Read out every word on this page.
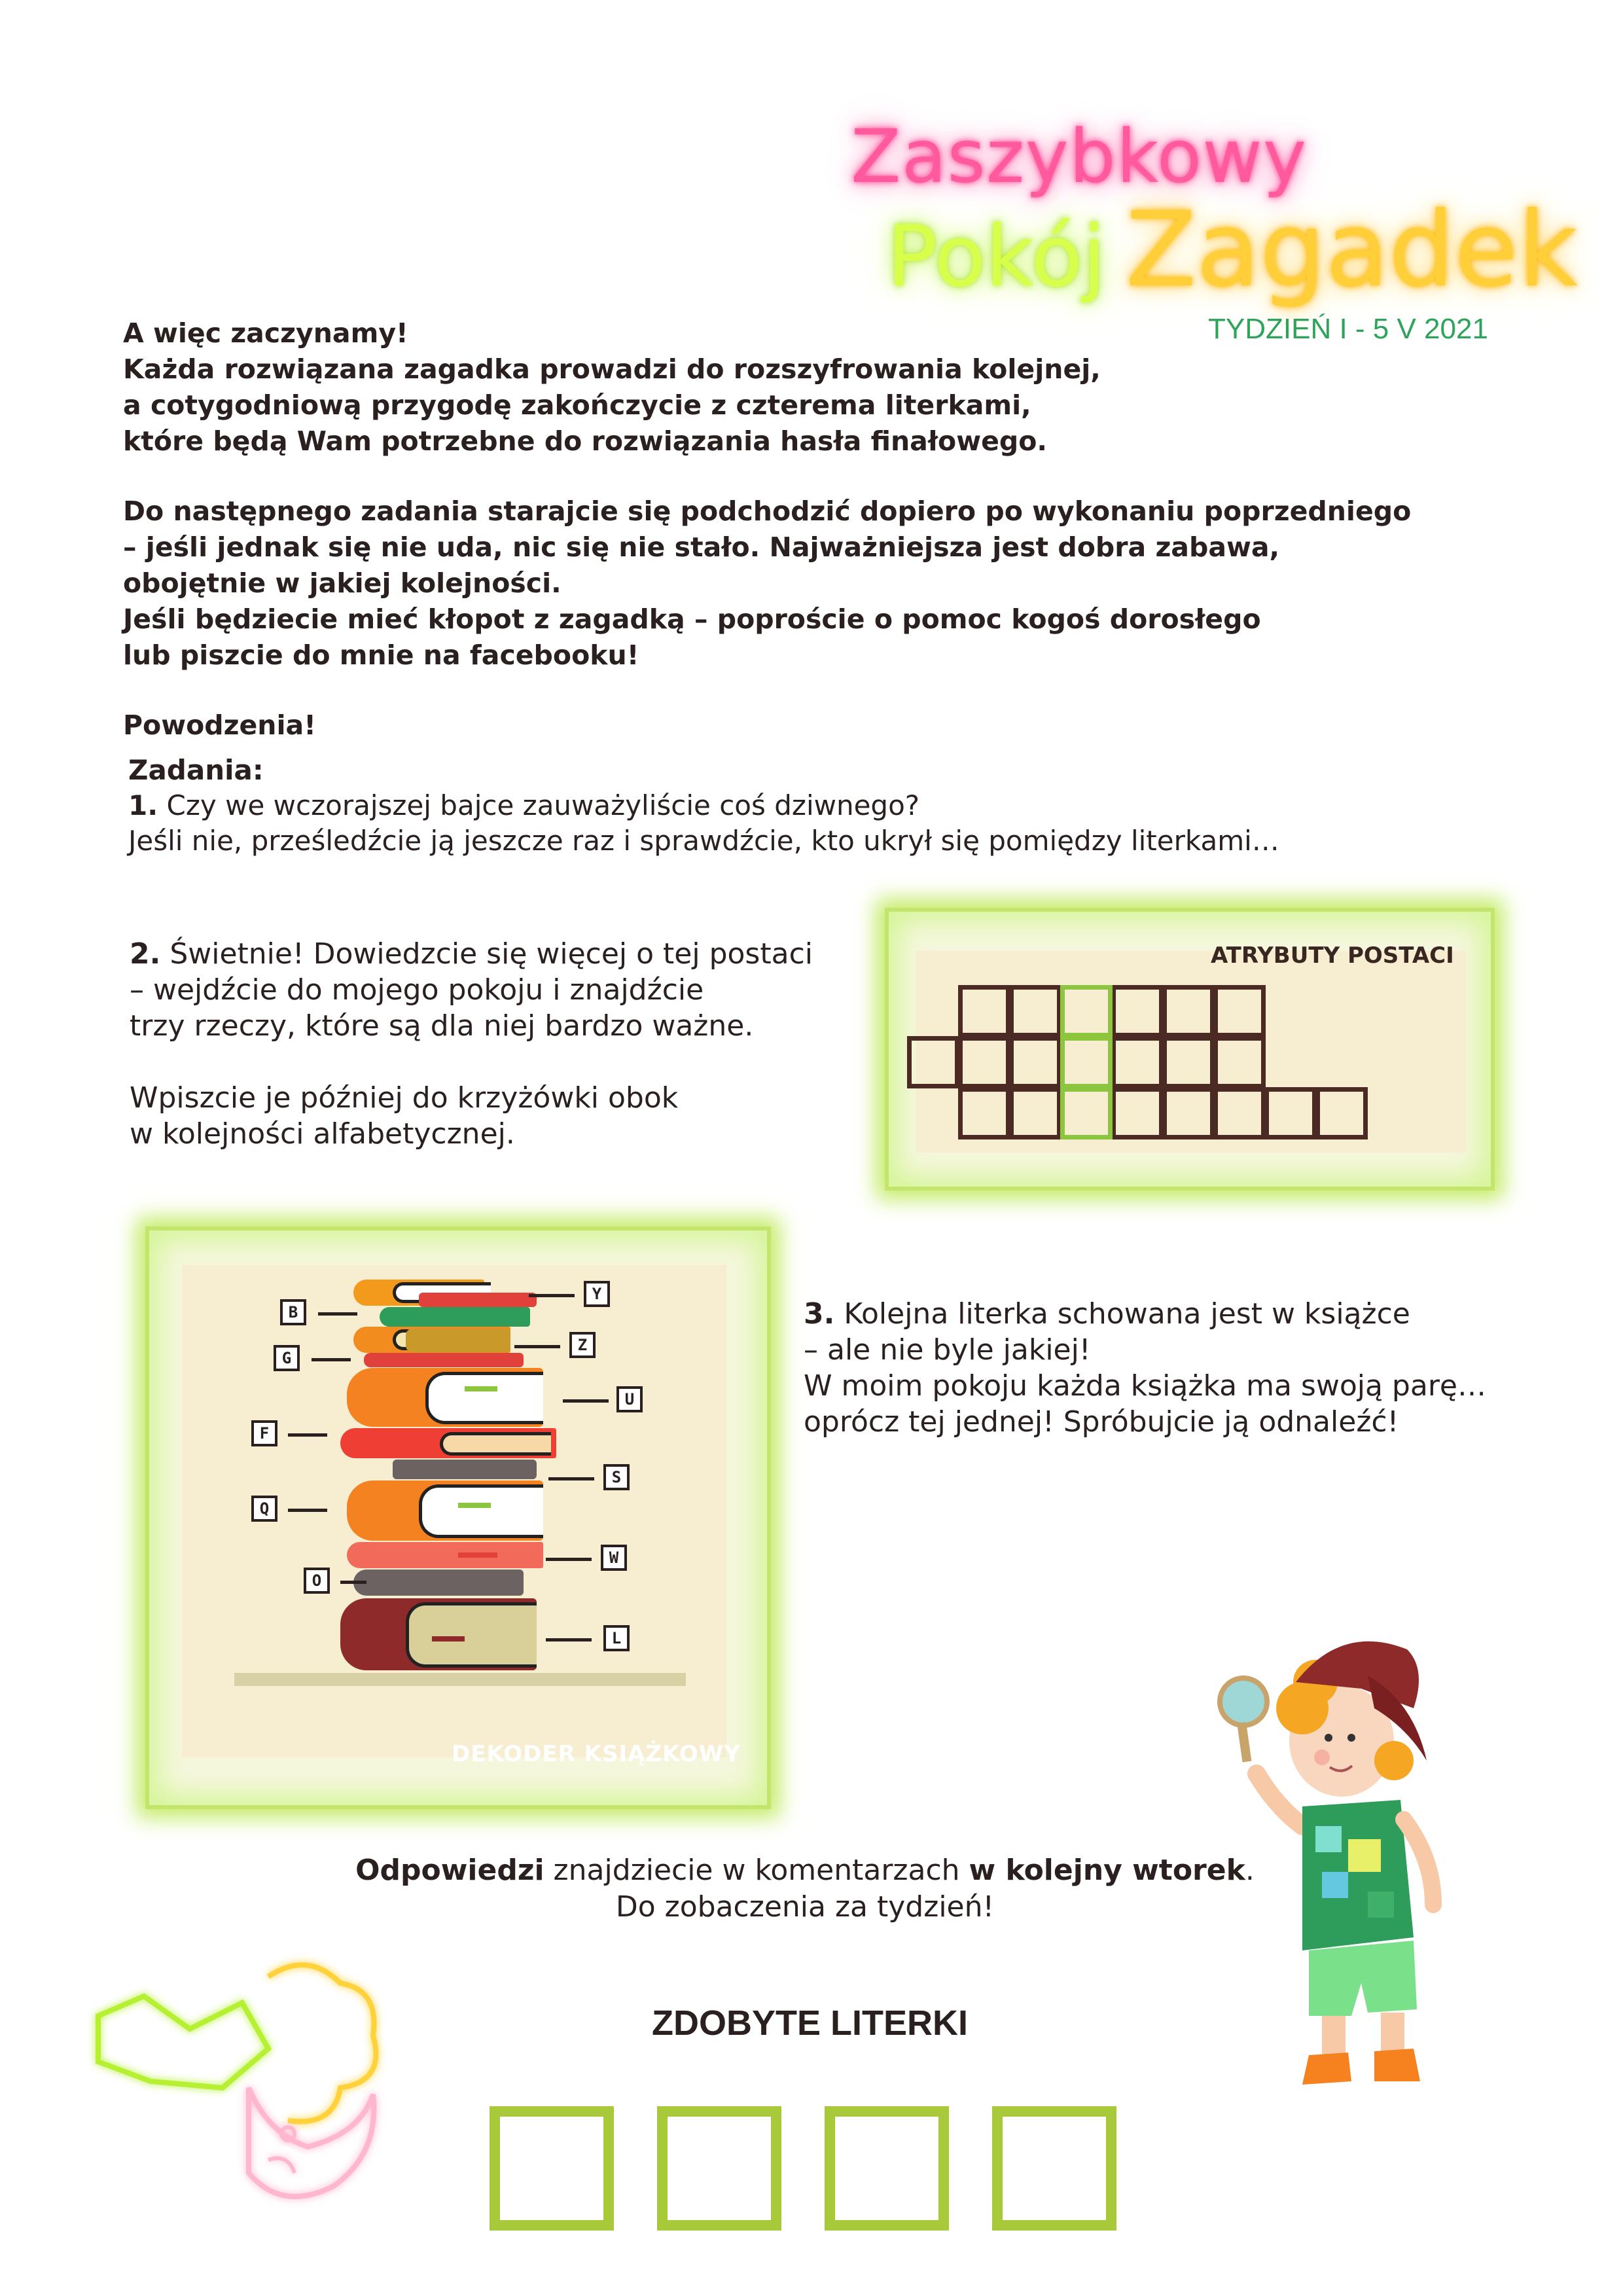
Zaszybkowy
Pokój Zagadek
TYDZIEŃ I - 5 V 2021

A więc zaczynamy!
Każda rozwiązana zagadka prowadzi do rozszyfrowania kolejnej,
a cotygodniową przygodę zakończycie z czterema literkami,
które będą Wam potrzebne do rozwiązania hasła finałowego.

Do następnego zadania starajcie się podchodzić dopiero po wykonaniu poprzedniego
– jeśli jednak się nie uda, nic się nie stało. Najważniejsza jest dobra zabawa,
obojętnie w jakiej kolejności.
Jeśli będziecie mieć kłopot z zagadką – poproście o pomoc kogoś dorosłego
lub piszcie do mnie na facebooku!

Powodzenia!

Zadania:
1. Czy we wczorajszej bajce zauważyliście coś dziwnego?
Jeśli nie, prześledźcie ją jeszcze raz i sprawdźcie, kto ukrył się pomiędzy literkami…
2. Świetnie! Dowiedzcie się więcej o tej postaci
– wejdźcie do mojego pokoju i znajdźcie
trzy rzeczy, które są dla niej bardzo ważne.
Wpiszcie je później do krzyżówki obok
w kolejności alfabetycznej.
ATRYBUTY POSTACI
3. Kolejna literka schowana jest w książce
– ale nie byle jakiej!
W moim pokoju każda książka ma swoją parę…
oprócz tej jednej! Spróbujcie ją odnaleźć!
B
G
F
Q
O
Y
Z
U
S
W
L
DEKODER KSIĄŻKOWY
Odpowiedzi znajdziecie w komentarzach w kolejny wtorek.
Do zobaczenia za tydzień!
ZDOBYTE LITERKI
